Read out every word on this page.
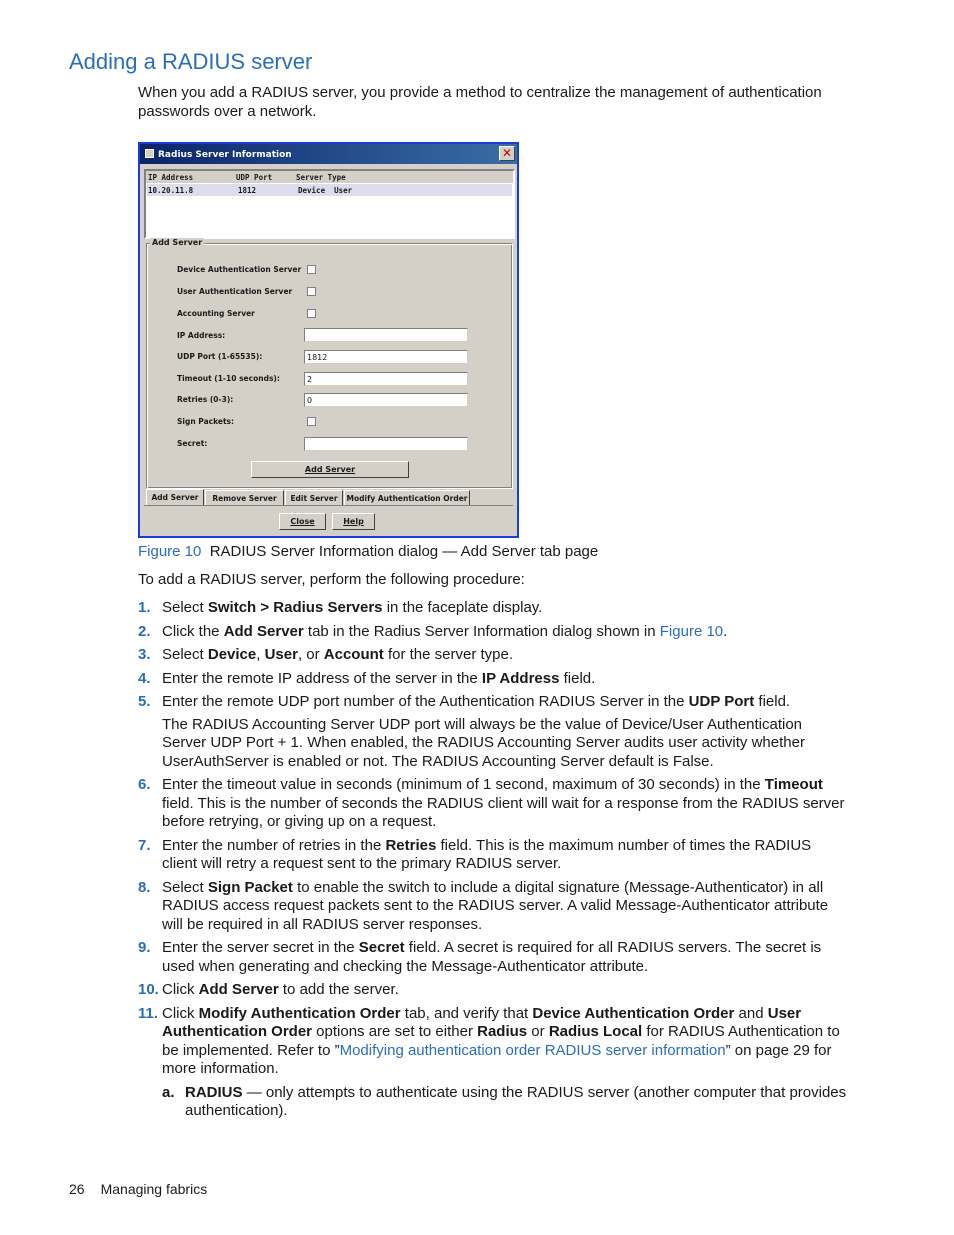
Adding a RADIUS server
When you add a RADIUS server, you provide a method to centralize the management of authentication passwords over a network.
Radius Server Information	✕
IP Address	UDP Port	Server Type
10.20.11.8	1812	Device  User
Add Server
Device Authentication Server
User Authentication Server
Accounting Server
IP Address:
UDP Port (1-65535):	1812
Timeout (1-10 seconds):	2
Retries (0-3):	0
Sign Packets:
Secret:
Add Server
Add Server	Remove Server	Edit Server	Modify Authentication Order
Close	Help
Figure 10 RADIUS Server Information dialog — Add Server tab page
To add a RADIUS server, perform the following procedure:
1. Select Switch > Radius Servers in the faceplate display.
2. Click the Add Server tab in the Radius Server Information dialog shown in Figure 10.
3. Select Device, User, or Account for the server type.
4. Enter the remote IP address of the server in the IP Address field.
5. Enter the remote UDP port number of the Authentication RADIUS Server in the UDP Port field.
The RADIUS Accounting Server UDP port will always be the value of Device/User Authentication Server UDP Port + 1. When enabled, the RADIUS Accounting Server audits user activity whether UserAuthServer is enabled or not. The RADIUS Accounting Server default is False.
6. Enter the timeout value in seconds (minimum of 1 second, maximum of 30 seconds) in the Timeout field. This is the number of seconds the RADIUS client will wait for a response from the RADIUS server before retrying, or giving up on a request.
7. Enter the number of retries in the Retries field. This is the maximum number of times the RADIUS client will retry a request sent to the primary RADIUS server.
8. Select Sign Packet to enable the switch to include a digital signature (Message-Authenticator) in all RADIUS access request packets sent to the RADIUS server. A valid Message-Authenticator attribute will be required in all RADIUS server responses.
9. Enter the server secret in the Secret field. A secret is required for all RADIUS servers. The secret is used when generating and checking the Message-Authenticator attribute.
10. Click Add Server to add the server.
11. Click Modify Authentication Order tab, and verify that Device Authentication Order and User Authentication Order options are set to either Radius or Radius Local for RADIUS Authentication to be implemented. Refer to ”Modifying authentication order RADIUS server information” on page 29 for more information.
a. RADIUS — only attempts to authenticate using the RADIUS server (another computer that provides authentication).
26 Managing fabrics
